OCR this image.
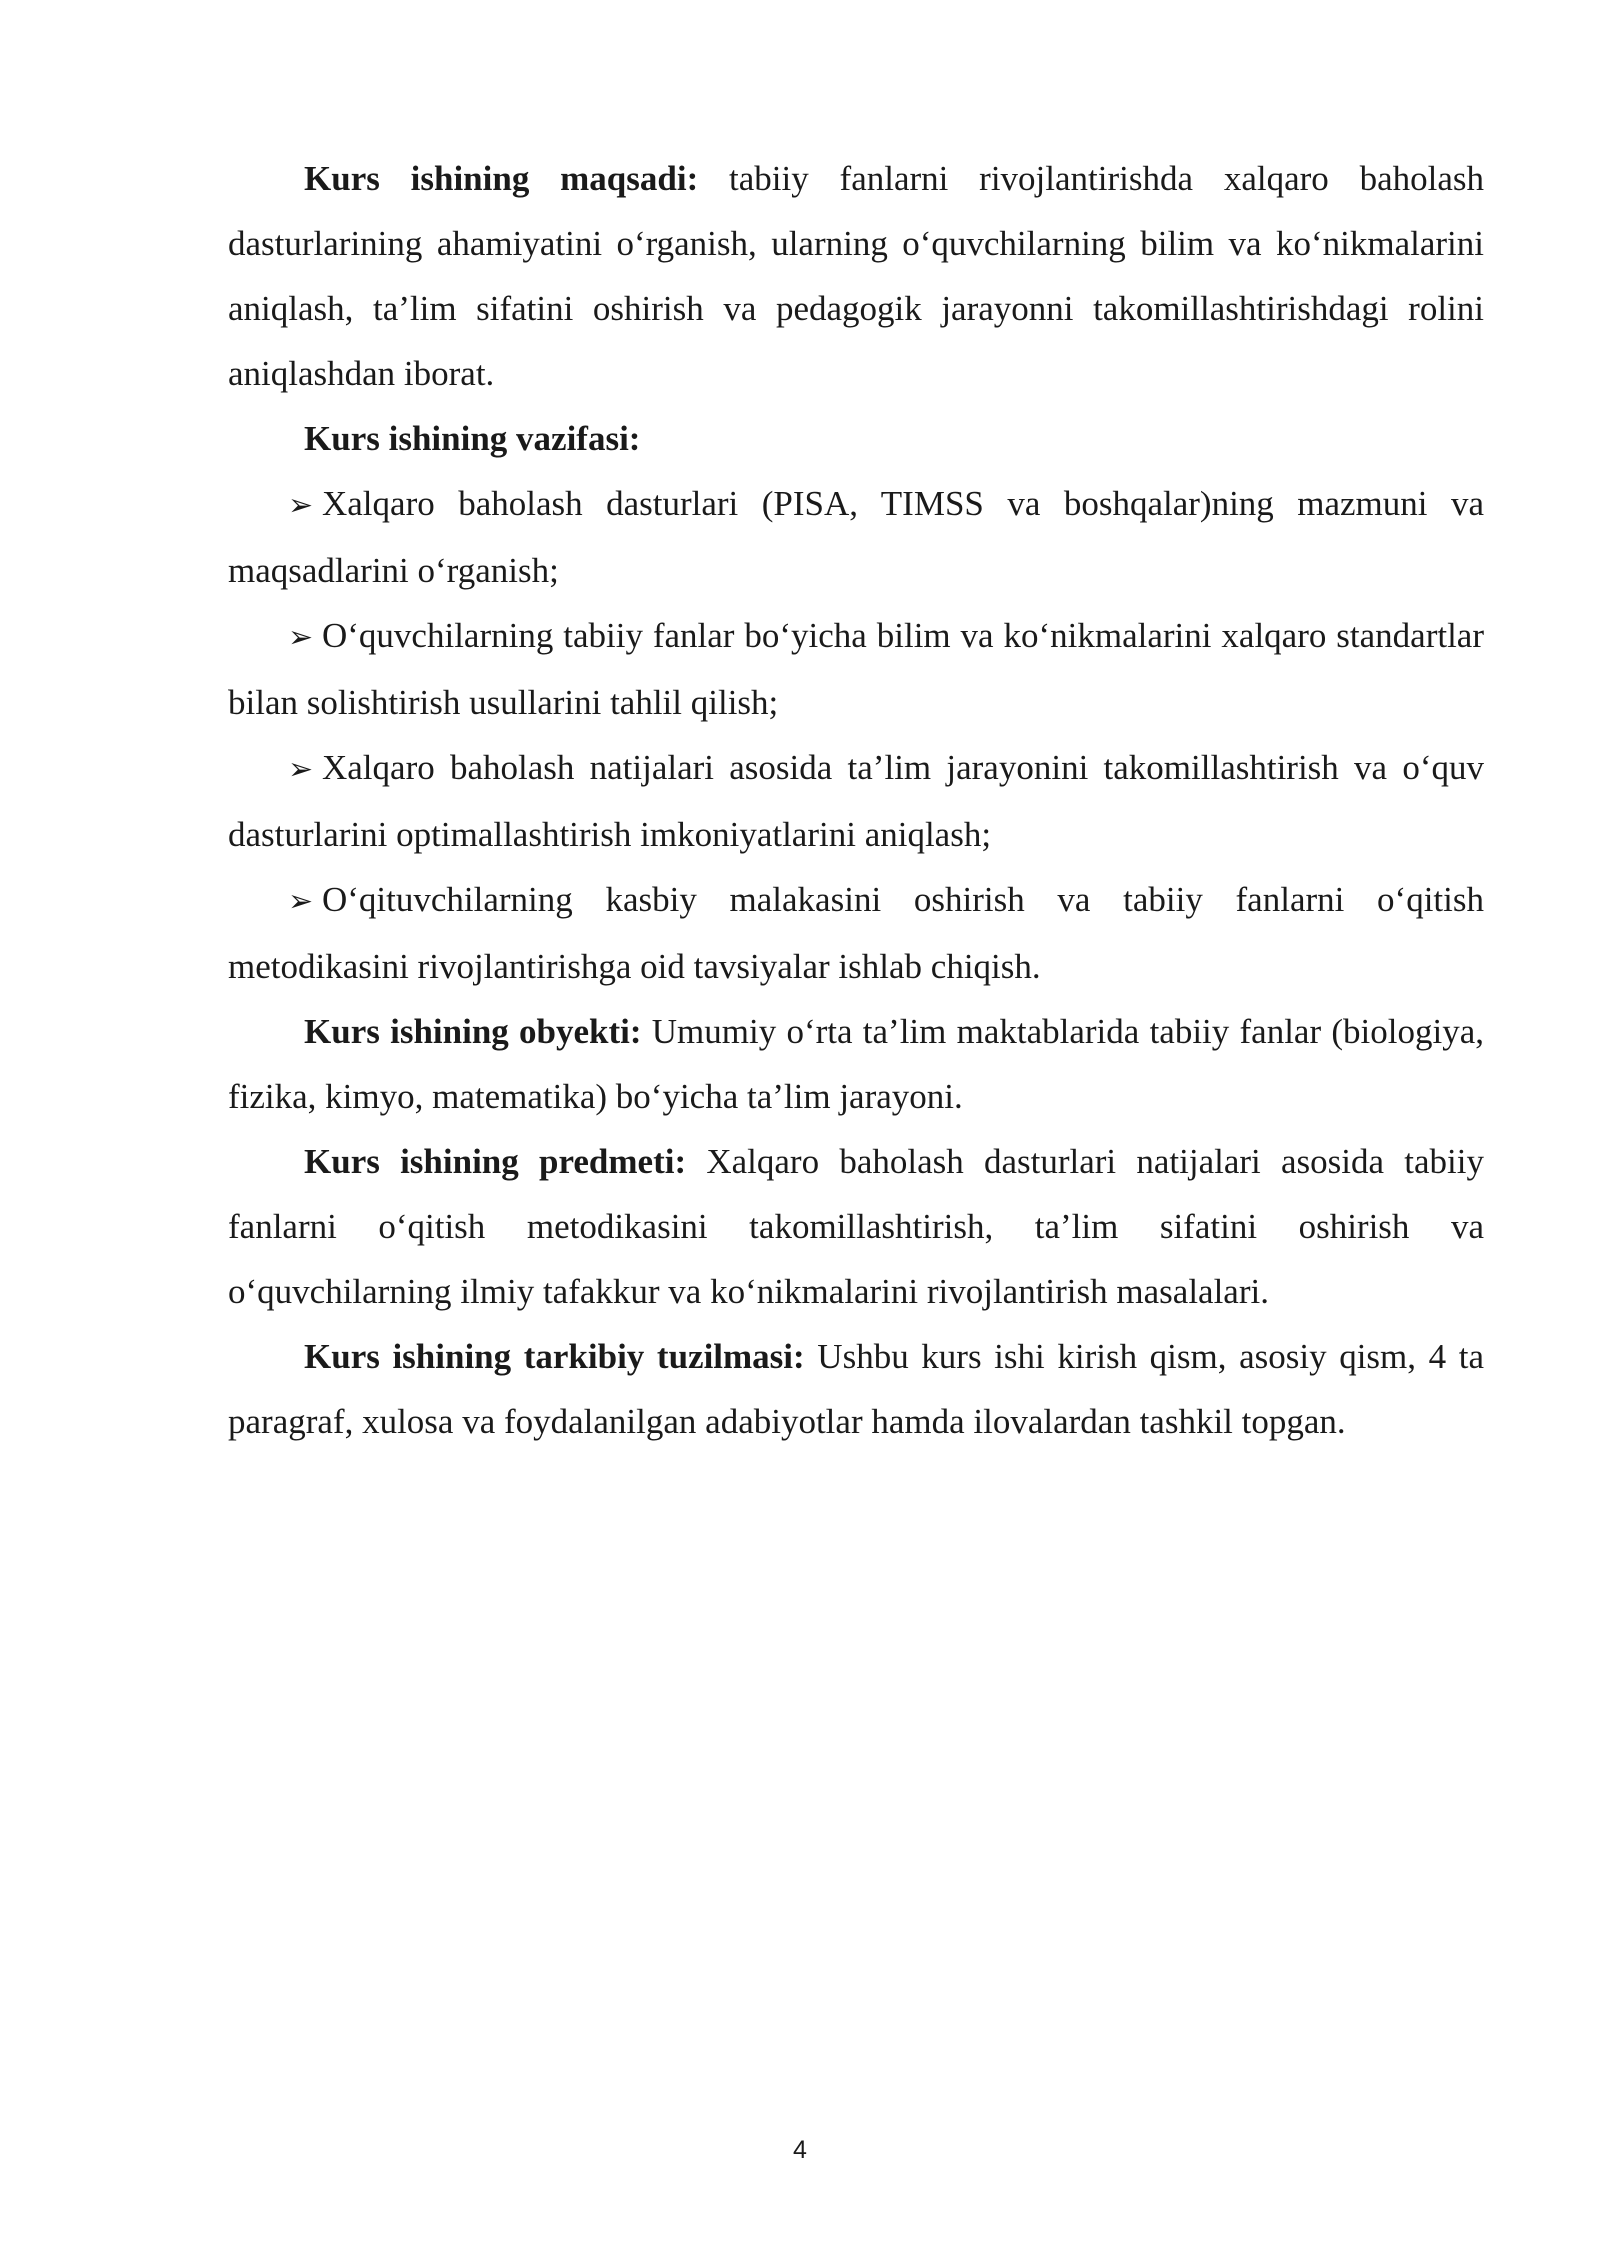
Kurs ishining maqsadi: tabiiy fanlarni rivojlantirishda xalqaro baholash dasturlarining ahamiyatini o‘rganish, ularning o‘quvchilarning bilim va ko‘nikmalarini aniqlash, ta’lim sifatini oshirish va pedagogik jarayonni takomillashtirishdagi rolini aniqlashdan iborat.

Kurs ishining vazifasi:

➢ Xalqaro baholash dasturlari (PISA, TIMSS va boshqalar)ning mazmuni va maqsadlarini o‘rganish;

➢ O‘quvchilarning tabiiy fanlar bo‘yicha bilim va ko‘nikmalarini xalqaro standartlar bilan solishtirish usullarini tahlil qilish;

➢ Xalqaro baholash natijalari asosida ta’lim jarayonini takomillashtirish va o‘quv dasturlarini optimallashtirish imkoniyatlarini aniqlash;

➢ O‘qituvchilarning kasbiy malakasini oshirish va tabiiy fanlarni o‘qitish metodikasini rivojlantirishga oid tavsiyalar ishlab chiqish.

Kurs ishining obyekti: Umumiy o‘rta ta’lim maktablarida tabiiy fanlar (biologiya, fizika, kimyo, matematika) bo‘yicha ta’lim jarayoni.

Kurs ishining predmeti: Xalqaro baholash dasturlari natijalari asosida tabiiy fanlarni o‘qitish metodikasini takomillashtirish, ta’lim sifatini oshirish va o‘quvchilarning ilmiy tafakkur va ko‘nikmalarini rivojlantirish masalalari.

Kurs ishining tarkibiy tuzilmasi: Ushbu kurs ishi kirish qism, asosiy qism, 4 ta paragraf, xulosa va foydalanilgan adabiyotlar hamda ilovalardan tashkil topgan.

4
